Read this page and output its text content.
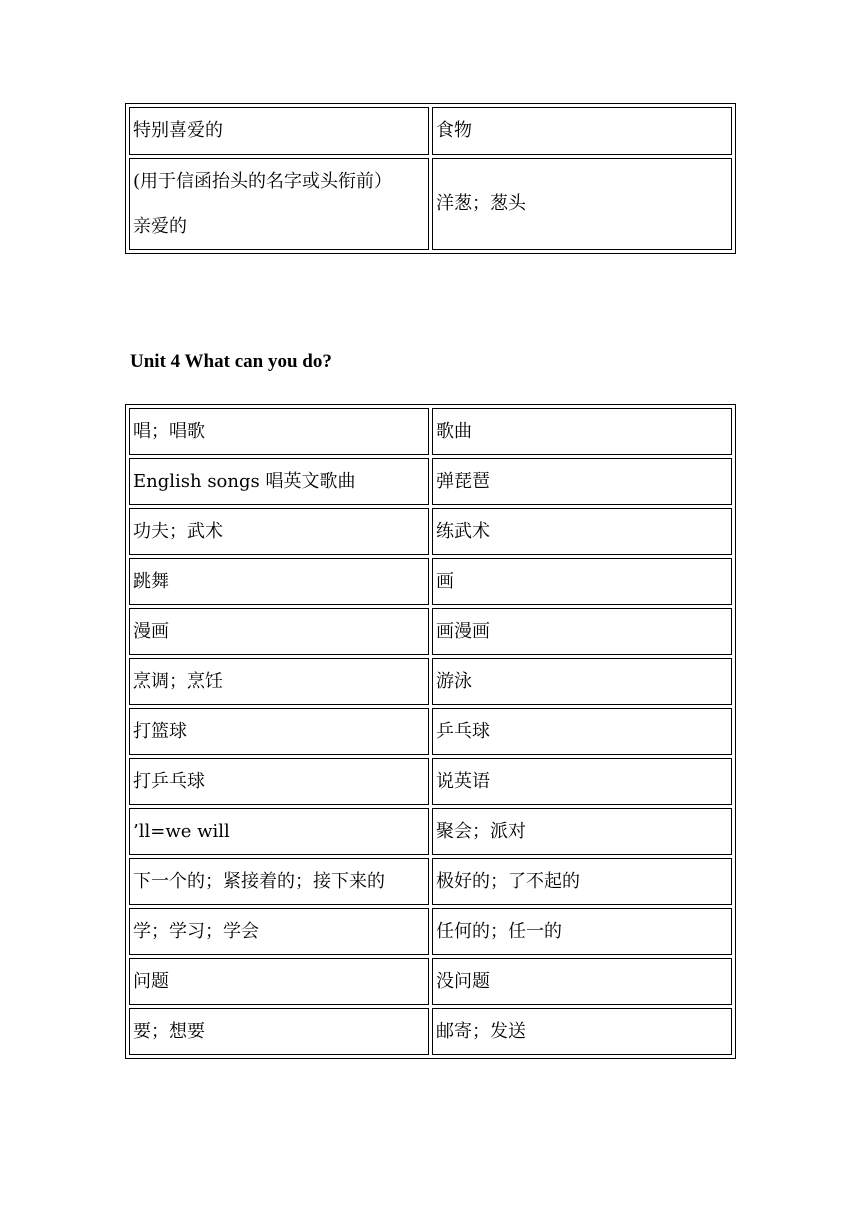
特别喜爱的	食物

(用于信函抬头的名字或头衔前）
亲爱的	洋葱；葱头
Unit 4 What can you do?
唱；唱歌	歌曲
English songs 唱英文歌曲	弹琵琶
功夫；武术	练武术
跳舞	画
漫画	画漫画
烹调；烹饪	游泳
打篮球	乒乓球
打乒乓球	说英语
’ll=we will	聚会；派对
下一个的；紧接着的；接下来的	极好的；了不起的
学；学习；学会	任何的；任一的
问题	没问题
要；想要	邮寄；发送
